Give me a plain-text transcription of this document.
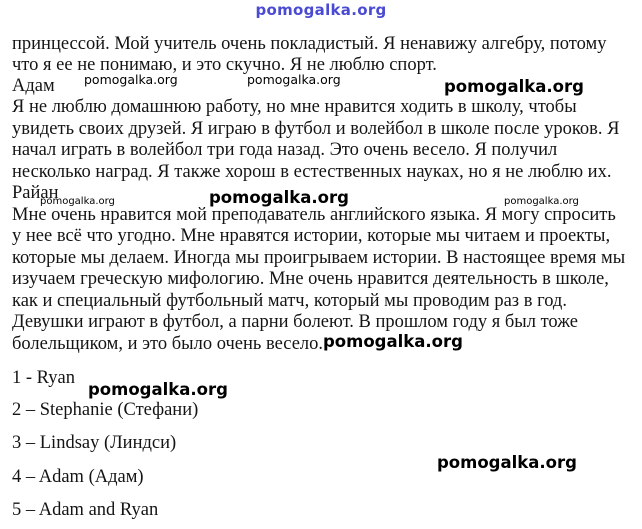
pomogalka.org
принцессой. Мой учитель очень покладистый. Я ненавижу алгебру, потому
что я ее не понимаю, и это скучно. Я не люблю спорт.
Адам
Я не люблю домашнюю работу, но мне нравится ходить в школу, чтобы
увидеть своих друзей. Я играю в футбол и волейбол в школе после уроков. Я
начал играть в волейбол три года назад. Это очень весело. Я получил
несколько наград. Я также хорош в естественных науках, но я не люблю их.
Райан
Мне очень нравится мой преподаватель английского языка. Я могу спросить
у нее всё что угодно. Мне нравятся истории, которые мы читаем и проекты,
которые мы делаем. Иногда мы проигрываем истории. В настоящее время мы
изучаем греческую мифологию. Мне очень нравится деятельность в школе,
как и специальный футбольный матч, который мы проводим раз в год.
Девушки играют в футбол, а парни болеют. В прошлом году я был тоже
болельщиком, и это было очень весело.
1 - Ryan
2 – Stephanie (Стефани)
3 – Lindsay (Линдси)
4 – Adam (Адам)
5 – Adam and Ryan
pomogalka.org	pomogalka.org	pomogalka.org
pomogalka.org	pomogalka.org	pomogalka.org
pomogalka.org
pomogalka.org
pomogalka.org
